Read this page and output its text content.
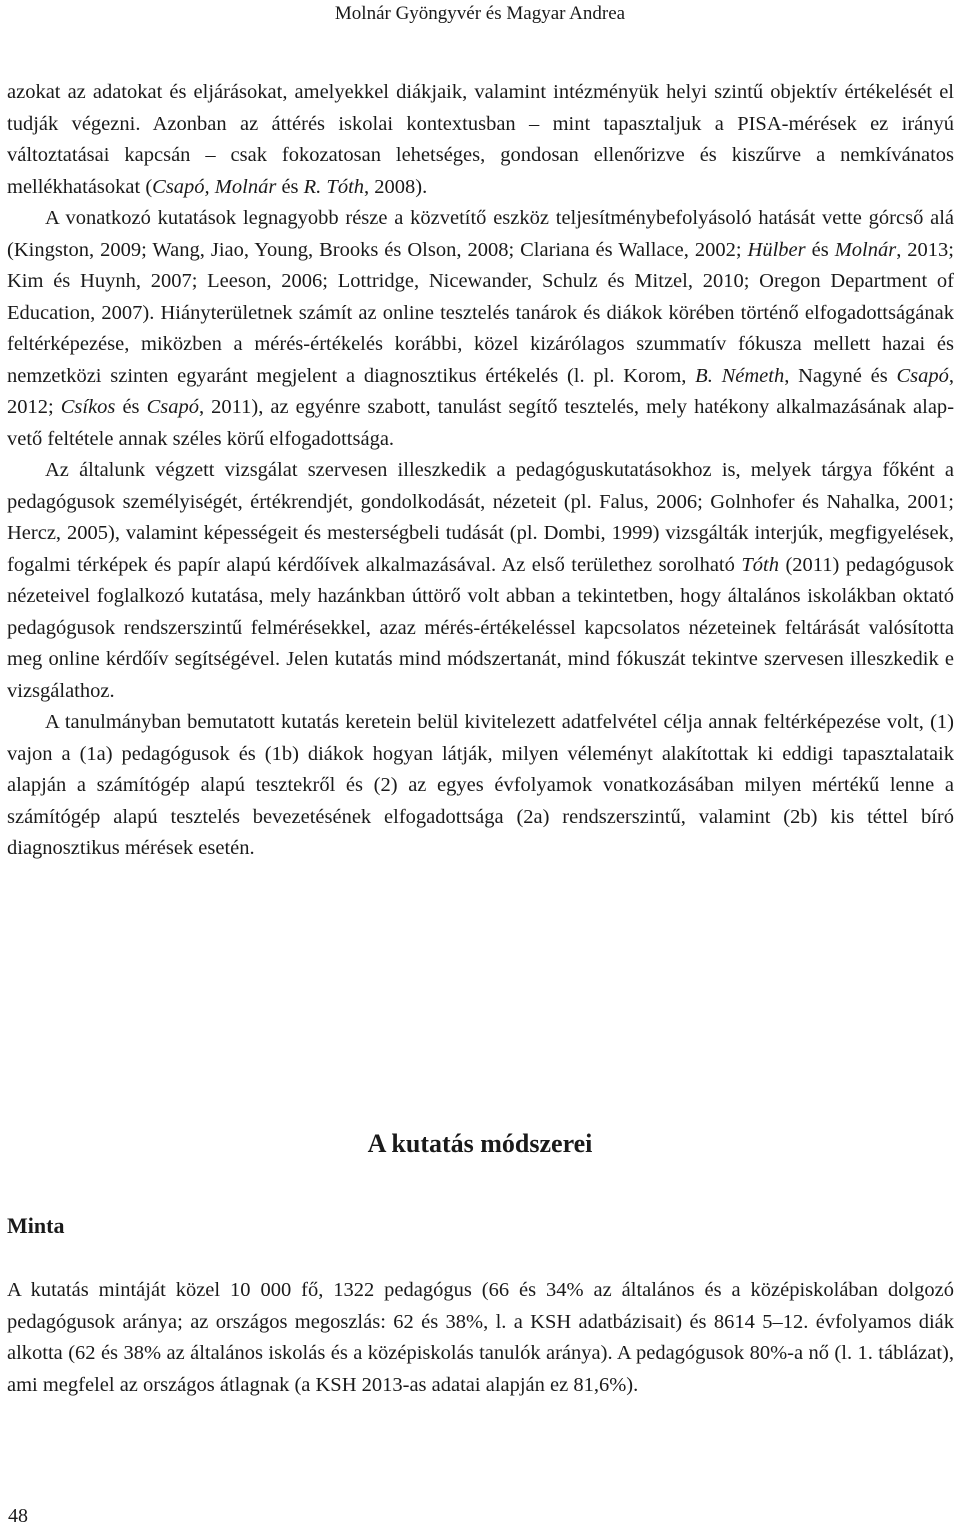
Molnár Gyöngyvér és Magyar Andrea

azokat az adatokat és eljárásokat, amelyekkel diákjaik, valamint intézményük helyi szintű objektív értékelését el tudják végezni. Azonban az áttérés iskolai kontextusban – mint tapasztaljuk a PISA-mérések ez irányú változtatásai kapcsán – csak fokozatosan lehetséges, gondosan ellenőrizve és kiszűrve a nemkívánatos mellékhatásokat (Csapó, Molnár és R. Tóth, 2008).

A vonatkozó kutatások legnagyobb része a közvetítő eszköz teljesítménybefolyásoló hatását vette górcső alá (Kingston, 2009; Wang, Jiao, Young, Brooks és Olson, 2008; Clariana és Wallace, 2002; Hülber és Molnár, 2013; Kim és Huynh, 2007; Leeson, 2006; Lottridge, Nicewander, Schulz és Mitzel, 2010; Oregon Department of Education, 2007). Hiányterületnek számít az online tesztelés tanárok és diákok körében történő elfogadottságának feltérképezése, miközben a mérés-értékelés korábbi, közel kizárólagos szummatív fókusza mellett hazai és nemzetközi szinten egyaránt megjelent a diagnosztikus értékelés (l. pl. Korom, B. Németh, Nagyné és Csapó, 2012; Csíkos és Csapó, 2011), az egyénre szabott, tanulást segítő tesztelés, mely hatékony alkalmazásának alapvető feltétele annak széles körű elfogadottsága.

Az általunk végzett vizsgálat szervesen illeszkedik a pedagóguskutatásokhoz is, melyek tárgya főként a pedagógusok személyiségét, értékrendjét, gondolkodását, nézeteit (pl. Falus, 2006; Golnhofer és Nahalka, 2001; Hercz, 2005), valamint képességeit és mesterségbeli tudását (pl. Dombi, 1999) vizsgálták interjúk, megfigyelések, fogalmi térképek és papír alapú kérdőívek alkalmazásával. Az első területhez sorolható Tóth (2011) pedagógusok nézeteivel foglalkozó kutatása, mely hazánkban úttörő volt abban a tekintetben, hogy általános iskolákban oktató pedagógusok rendszerszintű felmérésekkel, azaz mérés-értékeléssel kapcsolatos nézeteinek feltárását valósította meg online kérdőív segítségével. Jelen kutatás mind módszertanát, mind fókuszát tekintve szervesen illeszkedik e vizsgálathoz.

A tanulmányban bemutatott kutatás keretein belül kivitelezett adatfelvétel célja annak feltérképezése volt, (1) vajon a (1a) pedagógusok és (1b) diákok hogyan látják, milyen véleményt alakítottak ki eddigi tapasztalataik alapján a számítógép alapú tesztekről és (2) az egyes évfolyamok vonatkozásában milyen mértékű lenne a számítógép alapú tesztelés bevezetésének elfogadottsága (2a) rendszerszintű, valamint (2b) kis téttel bíró diagnosztikus mérések esetén.

A kutatás módszerei
Minta

A kutatás mintáját közel 10 000 fő, 1322 pedagógus (66 és 34% az általános és a középiskolában dolgozó pedagógusok aránya; az országos megoszlás: 62 és 38%, l. a KSH adatbázisait) és 8614 5–12. évfolyamos diák alkotta (62 és 38% az általános iskolás és a középiskolás tanulók aránya). A pedagógusok 80%-a nő (l. 1. táblázat), ami megfelel az országos átlagnak (a KSH 2013-as adatai alapján ez 81,6%).

48
